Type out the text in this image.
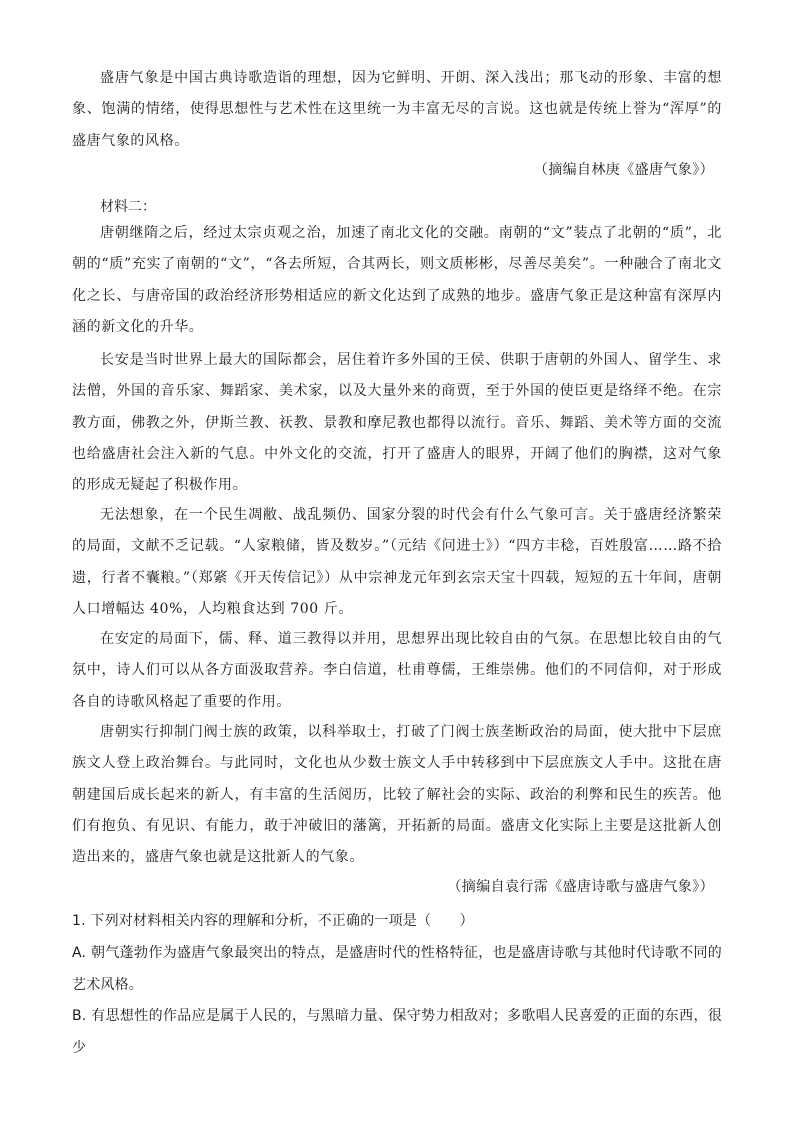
盛唐气象是中国古典诗歌造诣的理想，因为它鲜明、开朗、深入浅出；那飞动的形象、丰富的想象、饱满的情绪，使得思想性与艺术性在这里统一为丰富无尽的言说。这也就是传统上誉为“浑厚”的盛唐气象的风格。

（摘编自林庚《盛唐气象》）

材料二：

唐朝继隋之后，经过太宗贞观之治，加速了南北文化的交融。南朝的“文”装点了北朝的“质”，北朝的“质”充实了南朝的“文”，“各去所短，合其两长，则文质彬彬，尽善尽美矣”。一种融合了南北文化之长、与唐帝国的政治经济形势相适应的新文化达到了成熟的地步。盛唐气象正是这种富有深厚内涵的新文化的升华。

长安是当时世界上最大的国际都会，居住着许多外国的王侯、供职于唐朝的外国人、留学生、求法僧，外国的音乐家、舞蹈家、美术家，以及大量外来的商贾，至于外国的使臣更是络绎不绝。在宗教方面，佛教之外，伊斯兰教、祆教、景教和摩尼教也都得以流行。音乐、舞蹈、美术等方面的交流也给盛唐社会注入新的气息。中外文化的交流，打开了盛唐人的眼界，开阔了他们的胸襟，这对气象的形成无疑起了积极作用。

无法想象，在一个民生凋敝、战乱频仍、国家分裂的时代会有什么气象可言。关于盛唐经济繁荣的局面，文献不乏记载。“人家粮储，皆及数岁。”（元结《问进士》）“四方丰稔，百姓殷富……路不拾遗，行者不囊粮。”（郑綮《开天传信记》）从中宗神龙元年到玄宗天宝十四载，短短的五十年间，唐朝人口增幅达 40%，人均粮食达到 700 斤。

在安定的局面下，儒、释、道三教得以并用，思想界出现比较自由的气氛。在思想比较自由的气氛中，诗人们可以从各方面汲取营养。李白信道，杜甫尊儒，王维崇佛。他们的不同信仰，对于形成各自的诗歌风格起了重要的作用。

唐朝实行抑制门阀士族的政策，以科举取士，打破了门阀士族垄断政治的局面，使大批中下层庶族文人登上政治舞台。与此同时，文化也从少数士族文人手中转移到中下层庶族文人手中。这批在唐朝建国后成长起来的新人，有丰富的生活阅历，比较了解社会的实际、政治的利弊和民生的疾苦。他们有抱负、有见识、有能力，敢于冲破旧的藩篱，开拓新的局面。盛唐文化实际上主要是这批新人创造出来的，盛唐气象也就是这批新人的气象。

（摘编自袁行霈《盛唐诗歌与盛唐气象》）

1. 下列对材料相关内容的理解和分析，不正确的一项是（　　）

A. 朝气蓬勃作为盛唐气象最突出的特点，是盛唐时代的性格特征，也是盛唐诗歌与其他时代诗歌不同的艺术风格。

B. 有思想性的作品应是属于人民的，与黑暗力量、保守势力相敌对；多歌唱人民喜爱的正面的东西，很少
